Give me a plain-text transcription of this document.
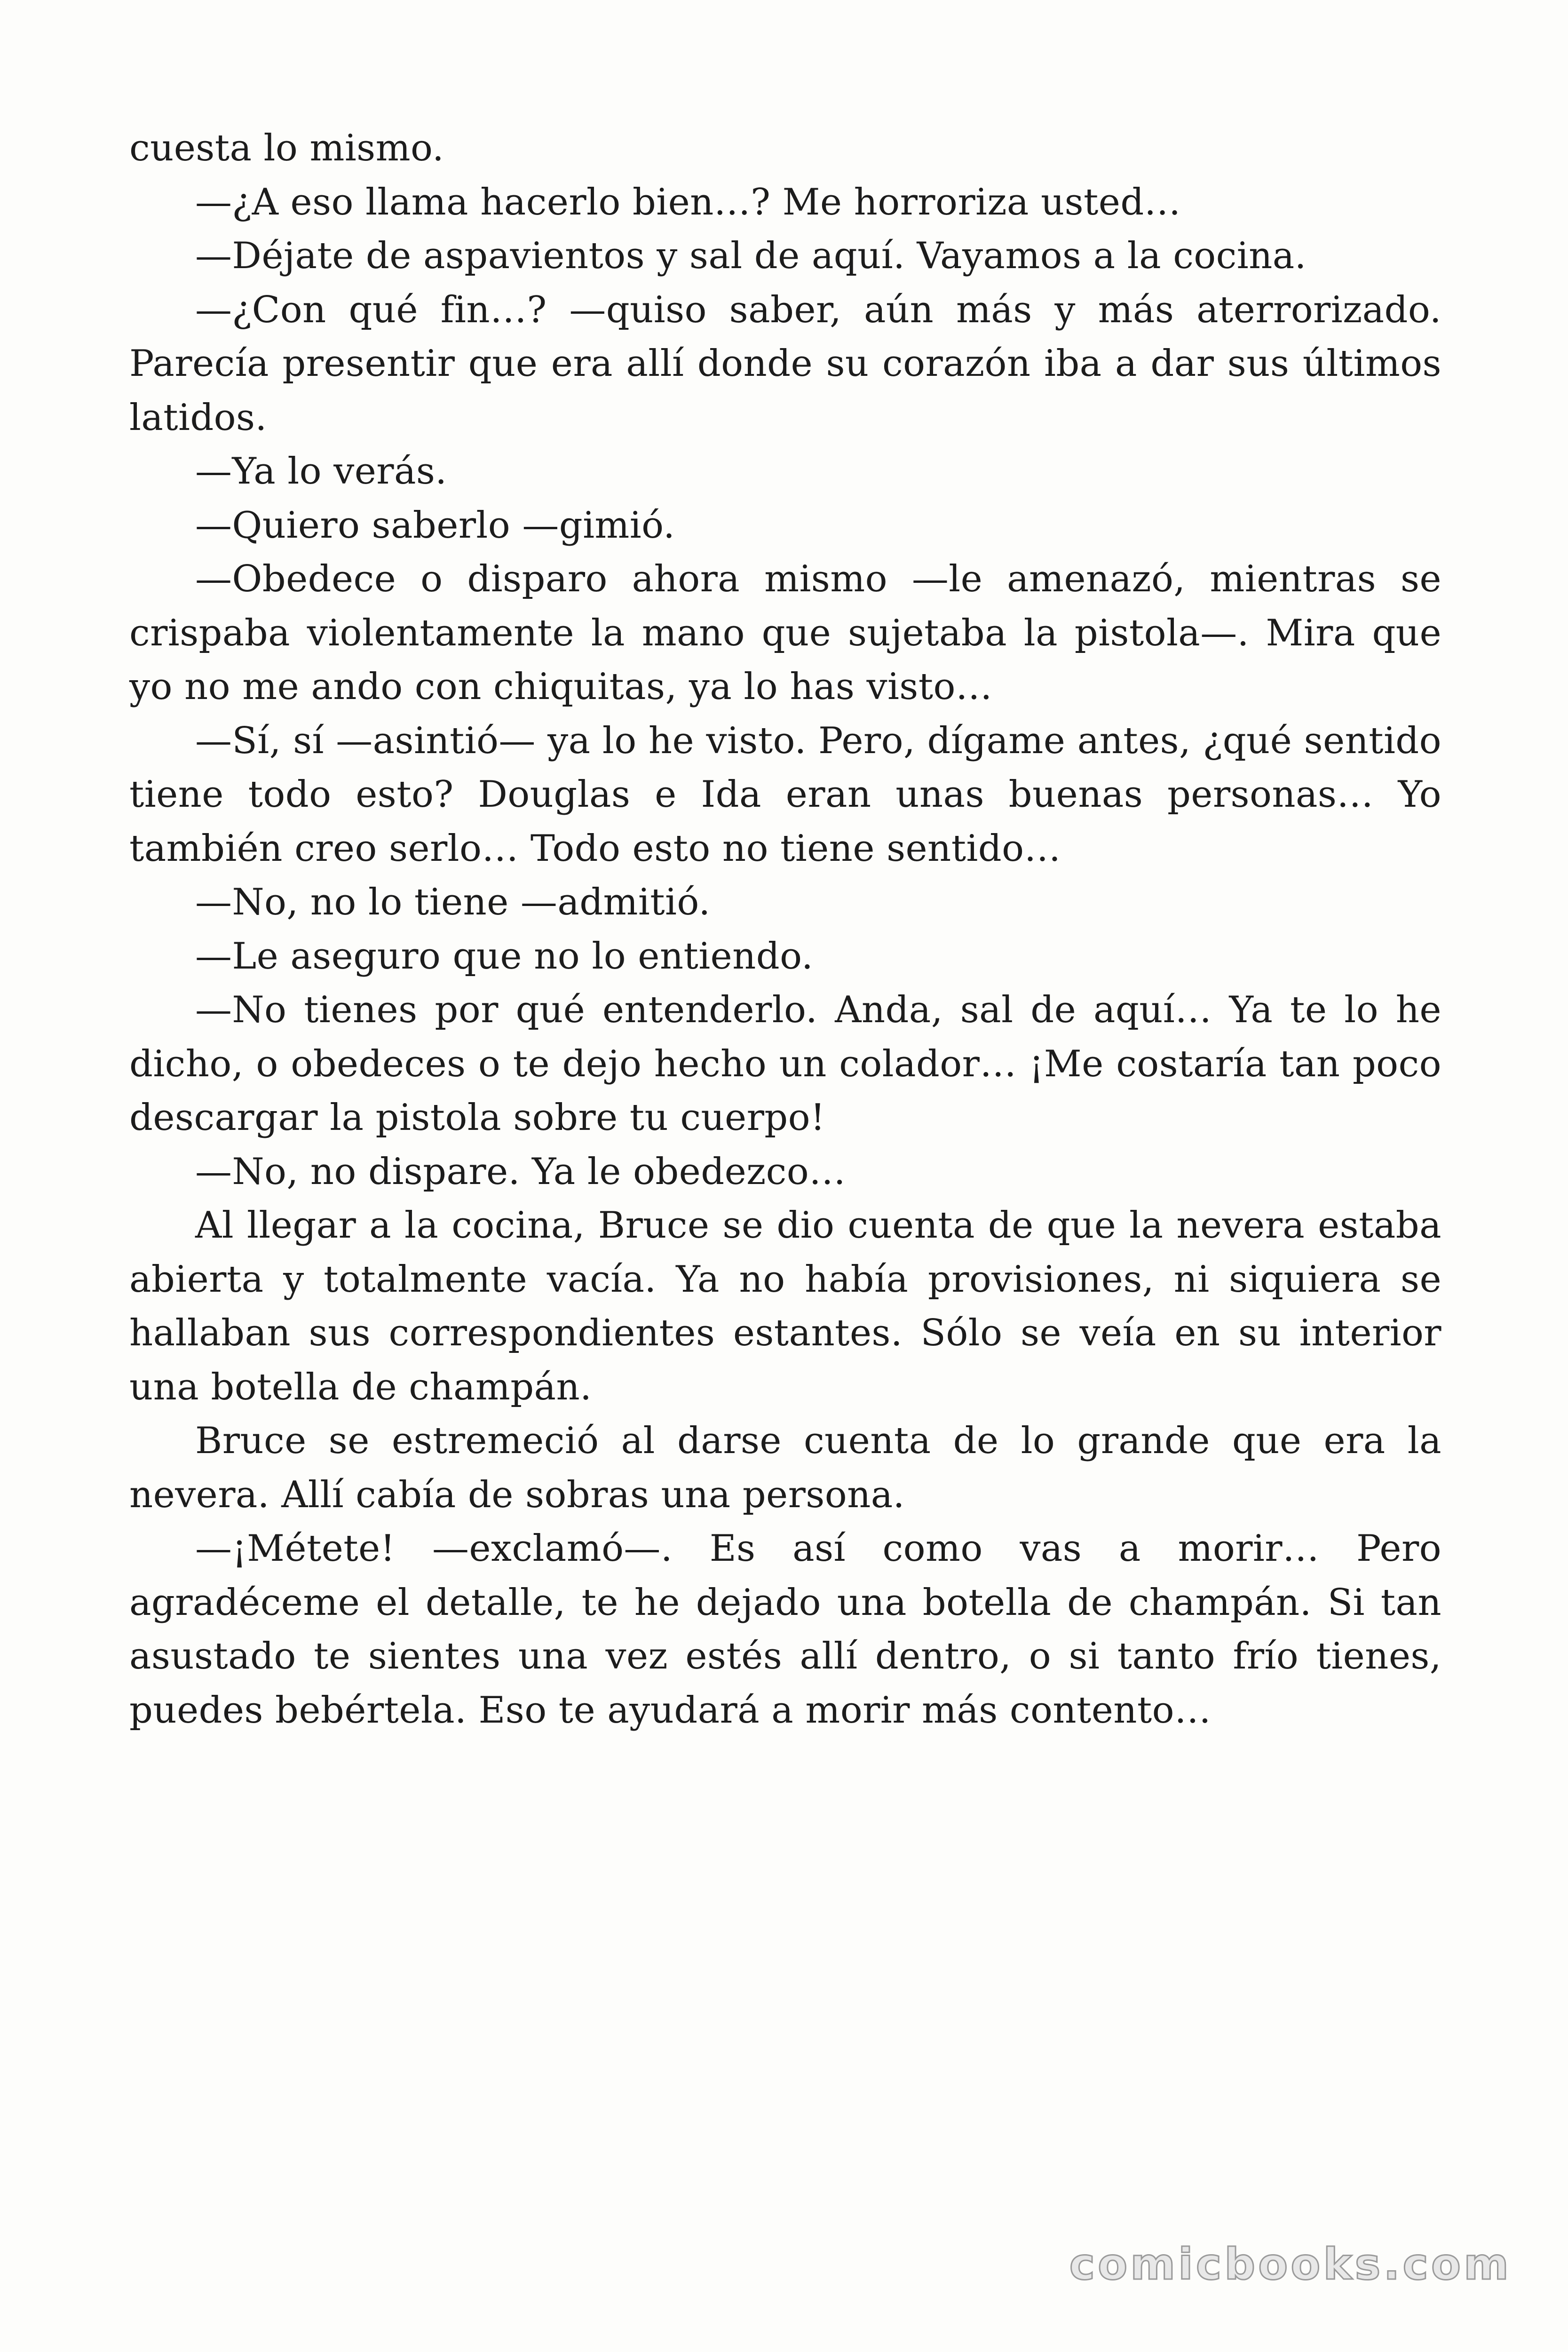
cuesta lo mismo.

—¿A eso llama hacerlo bien…? Me horroriza usted…

—Déjate de aspavientos y sal de aquí. Vayamos a la cocina.

—¿Con qué fin…? —quiso saber, aún más y más aterrorizado. Parecía presentir que era allí donde su corazón iba a dar sus últimos latidos.

—Ya lo verás.

—Quiero saberlo —gimió.

—Obedece o disparo ahora mismo —le amenazó, mientras se crispaba violentamente la mano que sujetaba la pistola—. Mira que yo no me ando con chiquitas, ya lo has visto…

—Sí, sí —asintió— ya lo he visto. Pero, dígame antes, ¿qué sentido tiene todo esto? Douglas e Ida eran unas buenas personas… Yo también creo serlo… Todo esto no tiene sentido…

—No, no lo tiene —admitió.

—Le aseguro que no lo entiendo.

—No tienes por qué entenderlo. Anda, sal de aquí… Ya te lo he dicho, o obedeces o te dejo hecho un colador… ¡Me costaría tan poco descargar la pistola sobre tu cuerpo!

—No, no dispare. Ya le obedezco…

Al llegar a la cocina, Bruce se dio cuenta de que la nevera estaba abierta y totalmente vacía. Ya no había provisiones, ni siquiera se hallaban sus correspondientes estantes. Sólo se veía en su interior una botella de champán.

Bruce se estremeció al darse cuenta de lo grande que era la nevera. Allí cabía de sobras una persona.

—¡Métete! —exclamó—. Es así como vas a morir… Pero agradéceme el detalle, te he dejado una botella de champán. Si tan asustado te sientes una vez estés allí dentro, o si tanto frío tienes, puedes bebértela. Eso te ayudará a morir más contento…

comicbooks.com
